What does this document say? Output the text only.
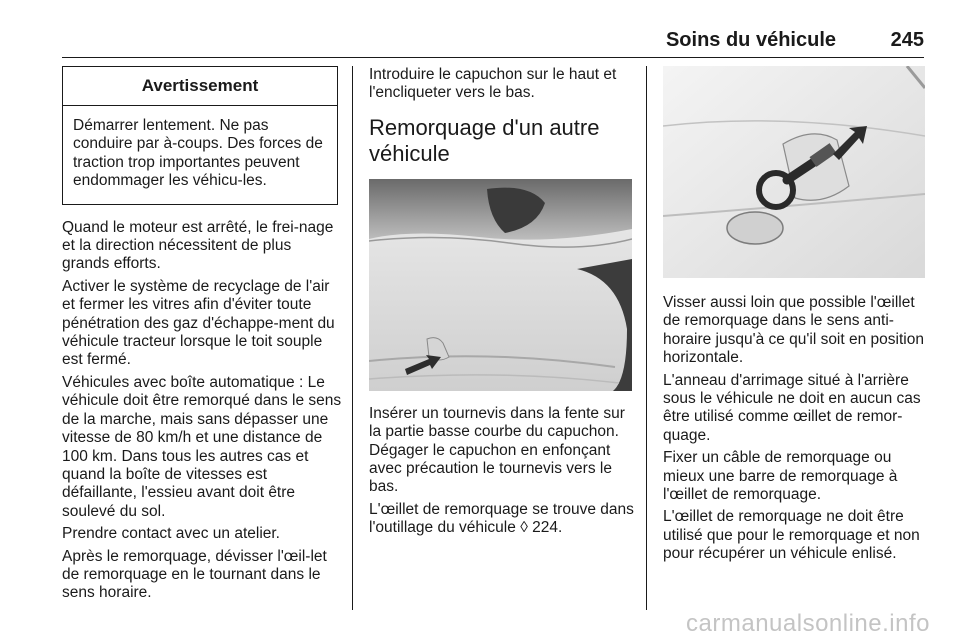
Soins du véhicule	245
Avertissement
Démarrer lentement. Ne pas conduire par à-coups. Des forces de traction trop importantes peuvent endommager les véhicu-les.

Quand le moteur est arrêté, le frei-nage et la direction nécessitent de plus grands efforts.

Activer le système de recyclage de l'air et fermer les vitres afin d'éviter toute pénétration des gaz d'échappe-ment du véhicule tracteur lorsque le toit souple est fermé.

Véhicules avec boîte automatique : Le véhicule doit être remorqué dans le sens de la marche, mais sans dépasser une vitesse de 80 km/h et une distance de 100 km. Dans tous les autres cas et quand la boîte de vitesses est défaillante, l'essieu avant doit être soulevé du sol.

Prendre contact avec un atelier.

Après le remorquage, dévisser l'œil-let de remorquage en le tournant dans le sens horaire.

Introduire le capuchon sur le haut et l'encliqueter vers le bas.

Remorquage d'un autre véhicule

Insérer un tournevis dans la fente sur la partie basse courbe du capuchon. Dégager le capuchon en enfonçant avec précaution le tournevis vers le bas.

L'œillet de remorquage se trouve dans l'outillage du véhicule ◊ 224.

Visser aussi loin que possible l'œillet de remorquage dans le sens anti-horaire jusqu'à ce qu'il soit en position horizontale.

L'anneau d'arrimage situé à l'arrière sous le véhicule ne doit en aucun cas être utilisé comme œillet de remor-quage.

Fixer un câble de remorquage ou mieux une barre de remorquage à l'œillet de remorquage.

L'œillet de remorquage ne doit être utilisé que pour le remorquage et non pour récupérer un véhicule enlisé.

carmanualsonline.info
